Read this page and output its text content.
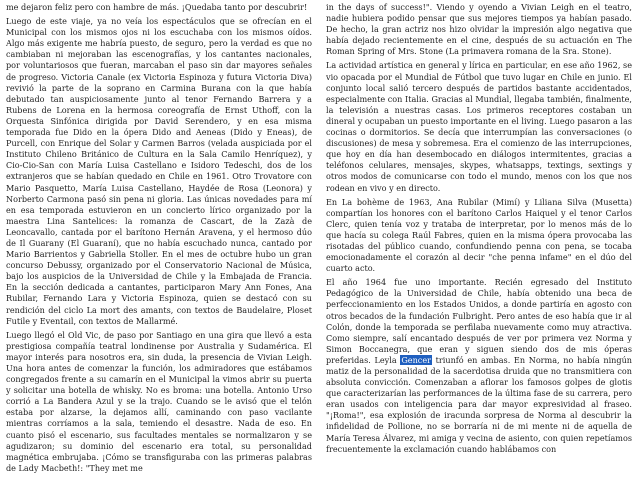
me dejaron feliz pero con hambre de más. ¡Quedaba tanto por descubrir!

Luego de este viaje, ya no veía los espectáculos que se ofrecían en el Municipal con los mismos ojos ni los escuchaba con los mismos oídos. Algo más exigente me habría puesto, de seguro, pero la verdad es que no cambiaban ni mejoraban las escenografías, y los cantantes nacionales, por voluntariosos que fueran, marcaban el paso sin dar mayores señales de progreso. Victoria Canale (ex Victoria Espinoza y futura Victoria Diva) revivió la parte de la soprano en Carmina Burana con la que había debutado tan auspiciosamente junto al tenor Fernando Barrera y a Rubens de Lorena en la hermosa coreografía de Ernst Uthoff, con la Orquesta Sinfónica dirigida por David Serendero, y en esa misma temporada fue Dido en la ópera Dido and Aeneas (Dido y Eneas), de Purcell, con Enrique del Solar y Carmen Barros (velada auspiciada por el Instituto Chileno Británico de Cultura en la Sala Camilo Henríquez), y Cio-Cio-San con María Luisa Castellano e Isidoro Tedeschi, dos de los extranjeros que se habían quedado en Chile en 1961. Otro Trovatore con Mario Pasquetto, María Luisa Castellano, Haydée de Rosa (Leonora) y Norberto Carmona pasó sin pena ni gloria. Las únicas novedades para mí en esa temporada estuvieron en un concierto lírico organizado por la maestra Lina Santelices: la romanza de Cascart, de la Zazà de Leoncavallo, cantada por el barítono Hernán Aravena, y el hermoso dúo de Il Guarany (El Guaraní), que no había escuchado nunca, cantado por Mario Barrientos y Gabriella Stoller. En el mes de octubre hubo un gran concurso Debussy, organizado por el Conservatorio Nacional de Música, bajo los auspicios de la Universidad de Chile y la Embajada de Francia. En la sección dedicada a cantantes, participaron Mary Ann Fones, Ana Rubilar, Fernando Lara y Victoria Espinoza, quien se destacó con su rendición del ciclo La mort des amants, con textos de Baudelaire, Ploset Futile y Eventail, con textos de Mallarmé.

Luego llegó el Old Vic, de paso por Santiago en una gira que llevó a esta prestigiosa compañía teatral londinense por Australia y Sudamérica. El mayor interés para nosotros era, sin duda, la presencia de Vivian Leigh. Una hora antes de comenzar la función, los admiradores que estábamos congregados frente a su camarín en el Municipal la vimos abrir su puerta y solicitar una botella de whisky. No es broma: una botella. Antonio Urso corrió a La Bandera Azul y se la trajo. Cuando se le avisó que el telón estaba por alzarse, la dejamos allí, caminando con paso vacilante mientras corríamos a la sala, temiendo el desastre. Nada de eso. En cuanto pisó el escenario, sus facultades mentales se normalizaron y se agudizaron; su dominio del escenario era total, su personalidad magnética embrujaba. ¡Cómo se transfiguraba con las primeras palabras de Lady Macbeth!: "They met me

in the days of success!". Viendo y oyendo a Vivian Leigh en el teatro, nadie hubiera podido pensar que sus mejores tiempos ya habían pasado. De hecho, la gran actriz nos hizo olvidar la impresión algo negativa que había dejado recientemente en el cine, después de su actuación en The Roman Spring of Mrs. Stone (La primavera romana de la Sra. Stone).

La actividad artística en general y lírica en particular, en ese año 1962, se vio opacada por el Mundial de Fútbol que tuvo lugar en Chile en junio. El conjunto local salió tercero después de partidos bastante accidentados, especialmente con Italia. Gracias al Mundial, llegaba también, finalmente, la televisión a nuestras casas. Los primeros receptores costaban un dineral y ocupaban un puesto importante en el living. Luego pasaron a las cocinas o dormitorios. Se decía que interrumpían las conversaciones (o discusiones) de mesa y sobremesa. Era el comienzo de las interrupciones, que hoy en día han desembocado en diálogos intermitentes, gracias a teléfonos celulares, mensajes, skypes, whatsapps, textings, sextings y otros modos de comunicarse con todo el mundo, menos con los que nos rodean en vivo y en directo.

En La bohème de 1963, Ana Rubilar (Mimí) y Liliana Silva (Musetta) compartían los honores con el barítono Carlos Haiquel y el tenor Carlos Clerc, quien tenía voz y trataba de interpretar, por lo menos más de lo que hacía su colega Raúl Fabres, quien en la misma ópera provocaba las risotadas del público cuando, confundiendo penna con pena, se tocaba emocionadamente el corazón al decir "che penna infame" en el dúo del cuarto acto.

El año 1964 fue uno importante. Recién egresado del Instituto Pedagógico de la Universidad de Chile, había obtenido una beca de perfeccionamiento en los Estados Unidos, a donde partiría en agosto con otros becados de la fundación Fulbright. Pero antes de eso había que ir al Colón, donde la temporada se perfilaba nuevamente como muy atractiva. Como siempre, salí encantado después de ver por primera vez Norma y Simon Boccanegra, que eran y siguen siendo dos de mis óperas preferidas. Leyla Gencer triunfó en ambas. En Norma, no había ningún matiz de la personalidad de la sacerdotisa druida que no transmitiera con absoluta convicción. Comenzaban a aflorar los famosos golpes de glotis que caracterizarían las performances de la última fase de su carrera, pero eran usados con inteligencia para dar mayor expresividad al fraseo. "¡Roma!", esa explosión de iracunda sorpresa de Norma al descubrir la infidelidad de Pollione, no se borraría ni de mi mente ni de aquella de María Teresa Álvarez, mi amiga y vecina de asiento, con quien repetíamos frecuentemente la exclamación cuando hablábamos con
